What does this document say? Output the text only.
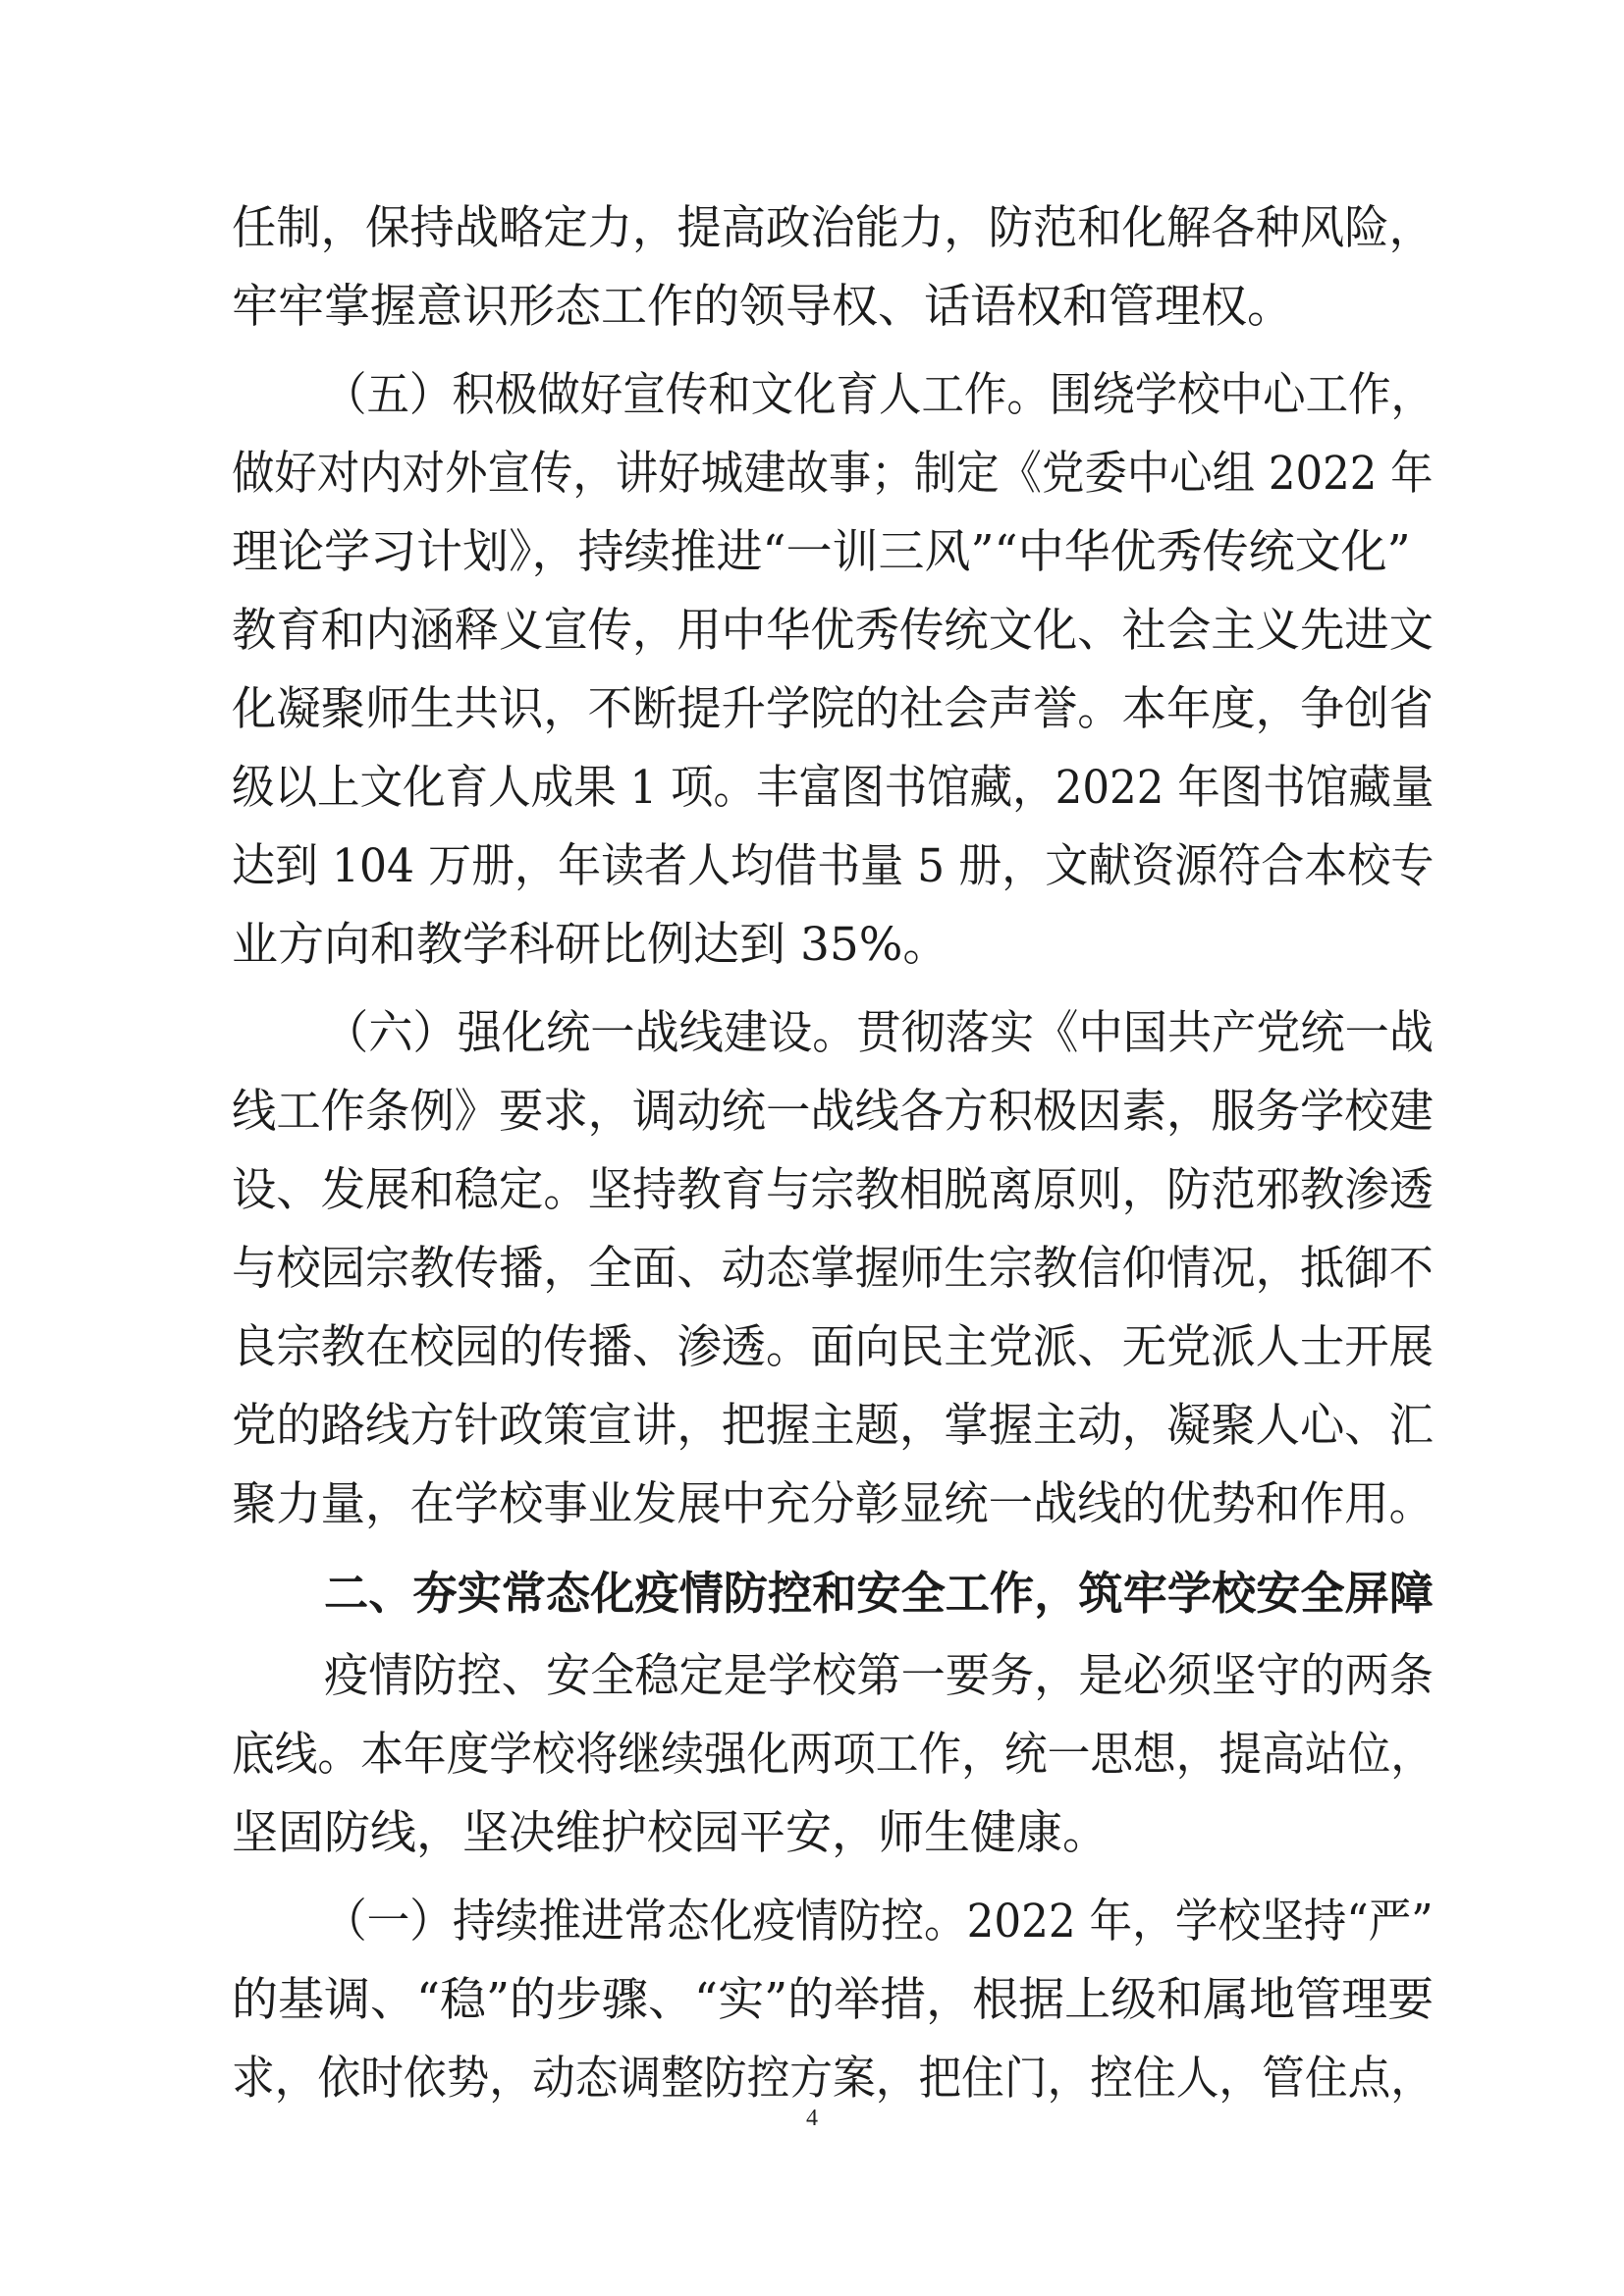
任制，保持战略定力，提高政治能力，防范和化解各种风险，
牢牢掌握意识形态工作的领导权、话语权和管理权。
（五）积极做好宣传和文化育人工作。围绕学校中心工作，
做好对内对外宣传，讲好城建故事；制定《党委中心组 2022 年
理论学习计划》，持续推进“一训三风”“中华优秀传统文化”
教育和内涵释义宣传，用中华优秀传统文化、社会主义先进文
化凝聚师生共识，不断提升学院的社会声誉。本年度，争创省
级以上文化育人成果 1 项。丰富图书馆藏，2022 年图书馆藏量
达到 104 万册，年读者人均借书量 5 册，文献资源符合本校专
业方向和教学科研比例达到 35%。
（六）强化统一战线建设。贯彻落实《中国共产党统一战
线工作条例》要求，调动统一战线各方积极因素，服务学校建
设、发展和稳定。坚持教育与宗教相脱离原则，防范邪教渗透
与校园宗教传播，全面、动态掌握师生宗教信仰情况，抵御不
良宗教在校园的传播、渗透。面向民主党派、无党派人士开展
党的路线方针政策宣讲，把握主题，掌握主动，凝聚人心、汇
聚力量，在学校事业发展中充分彰显统一战线的优势和作用。
二、夯实常态化疫情防控和安全工作，筑牢学校安全屏障
疫情防控、安全稳定是学校第一要务，是必须坚守的两条
底线。本年度学校将继续强化两项工作，统一思想，提高站位，
坚固防线，坚决维护校园平安，师生健康。
（一）持续推进常态化疫情防控。2022 年，学校坚持“严”
的基调、“稳”的步骤、“实”的举措，根据上级和属地管理要
求，依时依势，动态调整防控方案，把住门，控住人，管住点，
4
